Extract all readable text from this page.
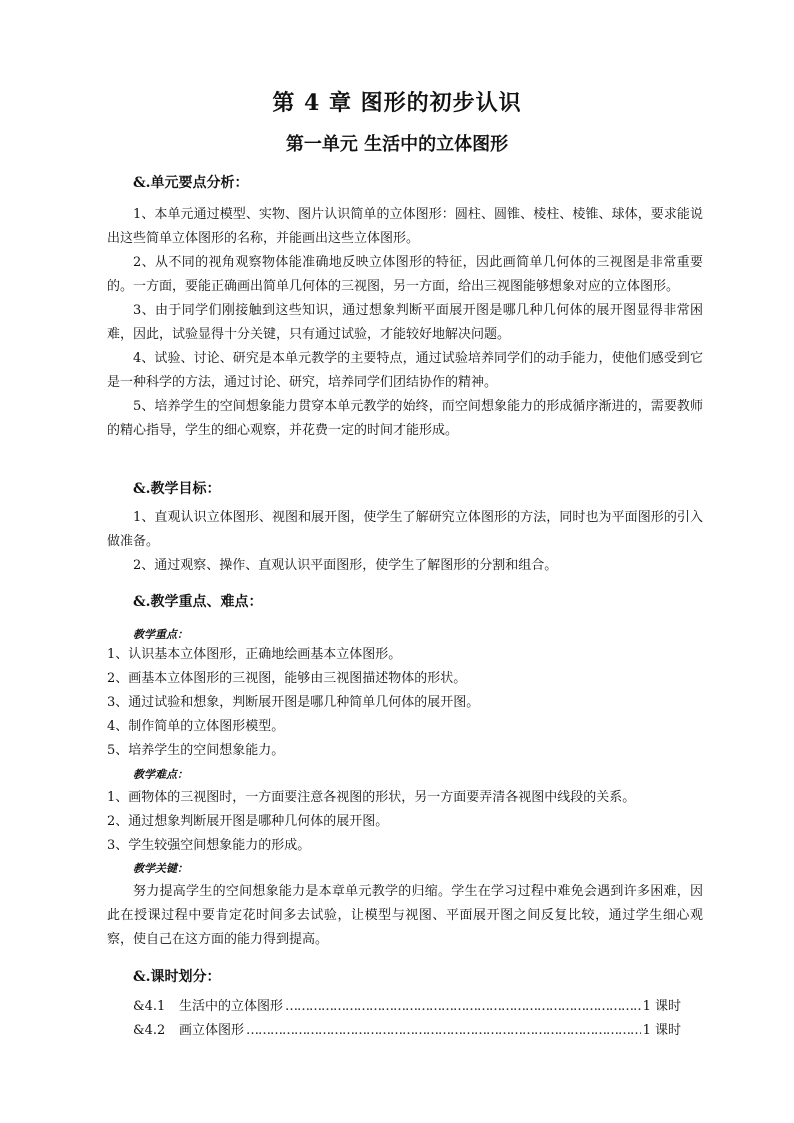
第 4 章 图形的初步认识
第一单元 生活中的立体图形
&.单元要点分析：

1、本单元通过模型、实物、图片认识简单的立体图形：圆柱、圆锥、棱柱、棱锥、球体，要求能说出这些简单立体图形的名称，并能画出这些立体图形。

2、从不同的视角观察物体能准确地反映立体图形的特征，因此画简单几何体的三视图是非常重要的。一方面，要能正确画出简单几何体的三视图，另一方面，给出三视图能够想象对应的立体图形。

3、由于同学们刚接触到这些知识，通过想象判断平面展开图是哪几种几何体的展开图显得非常困难，因此，试验显得十分关键，只有通过试验，才能较好地解决问题。

4、试验、讨论、研究是本单元教学的主要特点，通过试验培养同学们的动手能力，使他们感受到它是一种科学的方法，通过讨论、研究，培养同学们团结协作的精神。

5、培养学生的空间想象能力贯穿本单元教学的始终，而空间想象能力的形成循序渐进的，需要教师的精心指导，学生的细心观察，并花费一定的时间才能形成。

&.教学目标：

1、直观认识立体图形、视图和展开图，使学生了解研究立体图形的方法，同时也为平面图形的引入做准备。

2、通过观察、操作、直观认识平面图形，使学生了解图形的分割和组合。

&.教学重点、难点：
教学重点：

1、认识基本立体图形，正确地绘画基本立体图形。

2、画基本立体图形的三视图，能够由三视图描述物体的形状。

3、通过试验和想象，判断展开图是哪几种简单几何体的展开图。

4、制作简单的立体图形模型。

5、培养学生的空间想象能力。

教学难点：

1、画物体的三视图时，一方面要注意各视图的形状，另一方面要弄清各视图中线段的关系。

2、通过想象判断展开图是哪种几何体的展开图。

3、学生较强空间想象能力的形成。

教学关键：

努力提高学生的空间想象能力是本章单元教学的归缩。学生在学习过程中难免会遇到许多困难，因此在授课过程中要肯定花时间多去试验，让模型与视图、平面展开图之间反复比较，通过学生细心观察，使自己在这方面的能力得到提高。

&.课时划分：
&4.1	生活中的立体图形 ……………………………………………………………………………………………………………………………………………	1 课时
&4.2	画立体图形 ……………………………………………………………………………………………………………………………………………	1 课时
